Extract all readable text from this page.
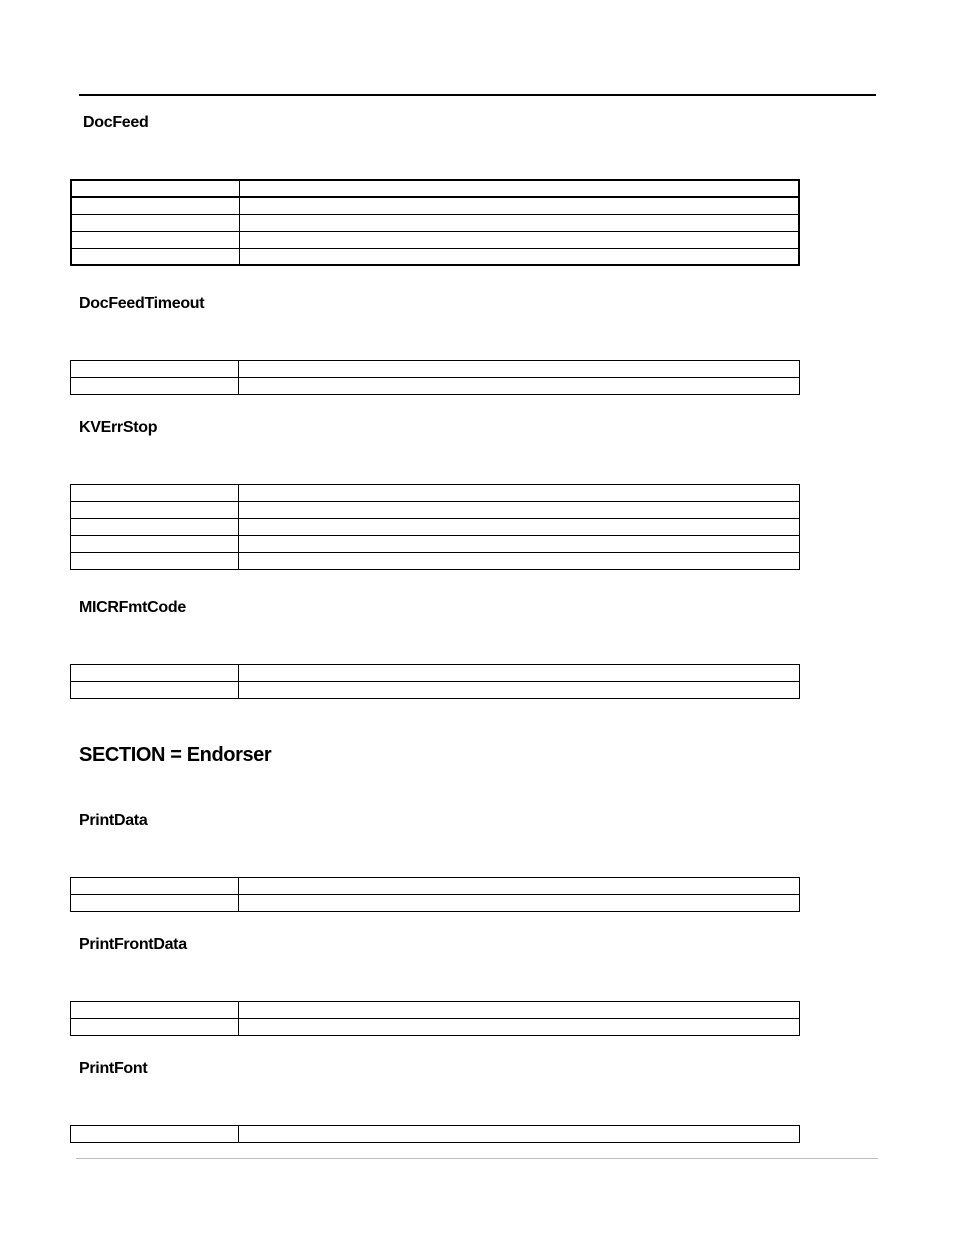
DocFeed

DocFeedTimeout

KVErrStop

MICRFmtCode

SECTION = Endorser
PrintData

PrintFrontData

PrintFont
